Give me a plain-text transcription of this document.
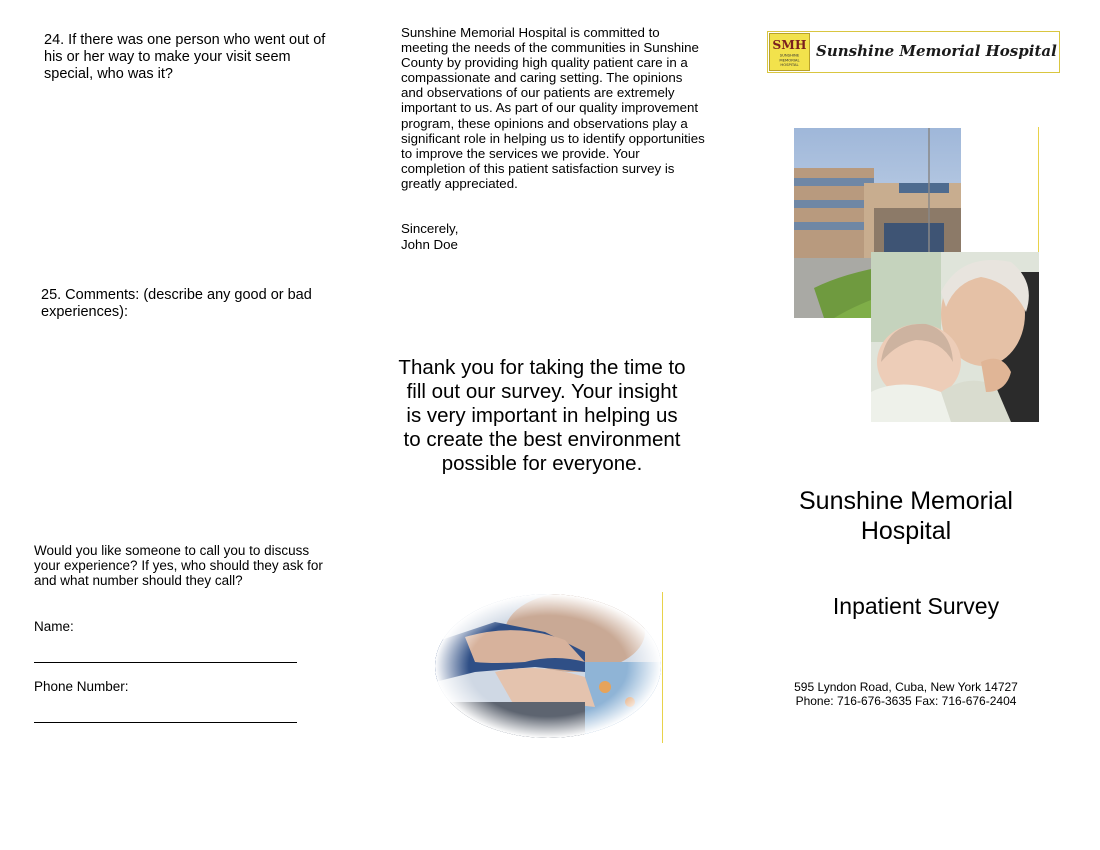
24. If there was one person who went out of his or her way to make your visit seem special, who was it?
25. Comments: (describe any good or bad experiences):
Would you like someone to call you to discuss your experience? If yes, who should they ask for and what number should they call?
Name:
Phone Number:
Sunshine Memorial Hospital is committed to meeting the needs of the communities in Sunshine County by providing high quality patient care in a compassionate and caring setting. The opinions and observations of our patients are extremely important to us. As part of our quality improvement program, these opinions and observations play a significant role in helping us to identify opportunities to improve the services we provide. Your completion of this patient satisfaction survey is greatly appreciated.
Sincerely,
John Doe
Thank you for taking the time to fill out our survey. Your insight is very important in helping us to create the best environment possible for everyone.
SMH
SUNSHINE
MEMORIAL
HOSPITAL
Sunshine Memorial Hospital
Sunshine Memorial Hospital
Inpatient Survey
595 Lyndon Road, Cuba, New York 14727
Phone: 716-676-3635 Fax: 716-676-2404
